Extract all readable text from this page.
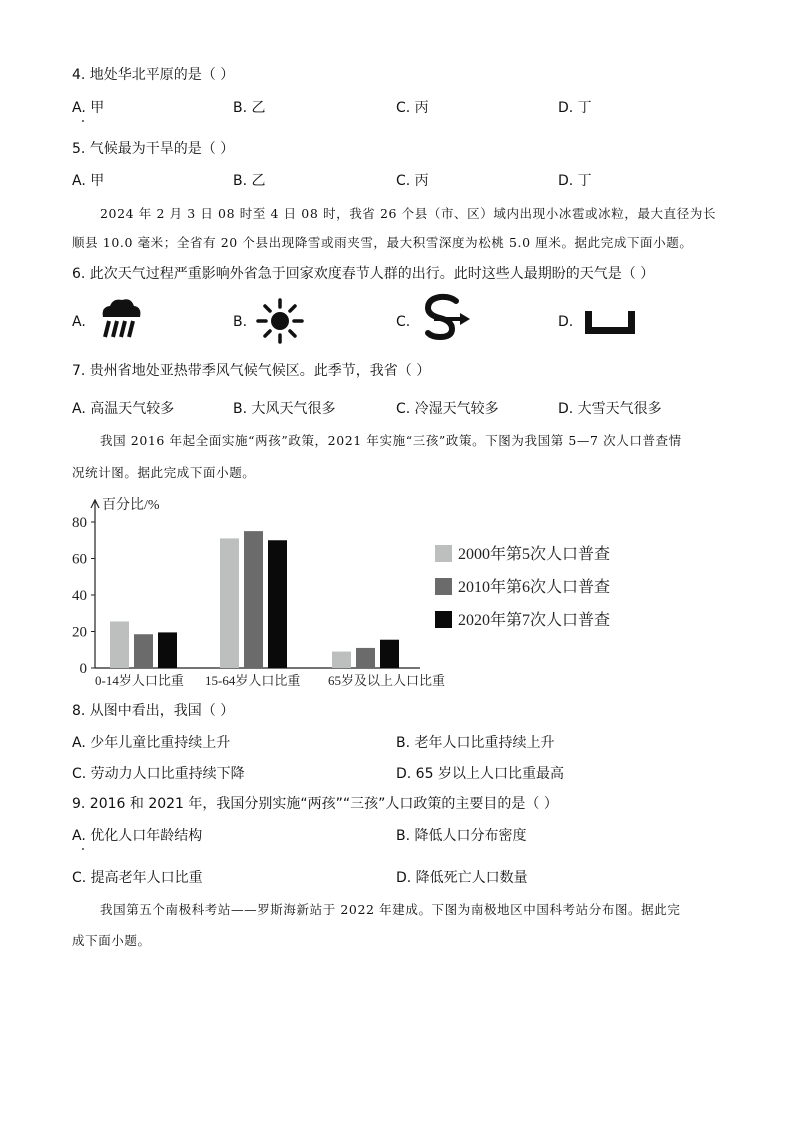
4. 地处华北平原的是（ ）
A. 甲	B. 乙	C. 丙	D. 丁
5. 气候最为干旱的是（ ）
A. 甲	B. 乙	C. 丙	D. 丁
2024 年 2 月 3 日 08 时至 4 日 08 时，我省 26 个县（市、区）域内出现小冰雹或冰粒，最大直径为长
顺县 10.0 毫米；全省有 20 个县出现降雪或雨夹雪，最大积雪深度为松桃 5.0 厘米。据此完成下面小题。
6. 此次天气过程严重影响外省急于回家欢度春节人群的出行。此时这些人最期盼的天气是（ ）
A.	B.	C.	D.
7. 贵州省地处亚热带季风气候气候区。此季节，我省（ ）
A. 高温天气较多	B. 大风天气很多	C. 冷湿天气较多	D. 大雪天气很多
我国 2016 年起全面实施“两孩”政策，2021 年实施“三孩”政策。下图为我国第 5—7 次人口普查情
况统计图。据此完成下面小题。
百分比/%
0
20
40
60
80
0-14岁人口比重 15-64岁人口比重 65岁及以上人口比重
2000年第5次人口普查
2010年第6次人口普查
2020年第7次人口普查
8. 从图中看出，我国（ ）
A. 少年儿童比重持续上升	B. 老年人口比重持续上升
C. 劳动力人口比重持续下降	D. 65 岁以上人口比重最高
9. 2016 和 2021 年，我国分别实施“两孩”“三孩”人口政策的主要目的是（ ）
A. 优化人口年龄结构	B. 降低人口分布密度
C. 提高老年人口比重	D. 降低死亡人口数量
我国第五个南极科考站——罗斯海新站于 2022 年建成。下图为南极地区中国科考站分布图。据此完
成下面小题。
